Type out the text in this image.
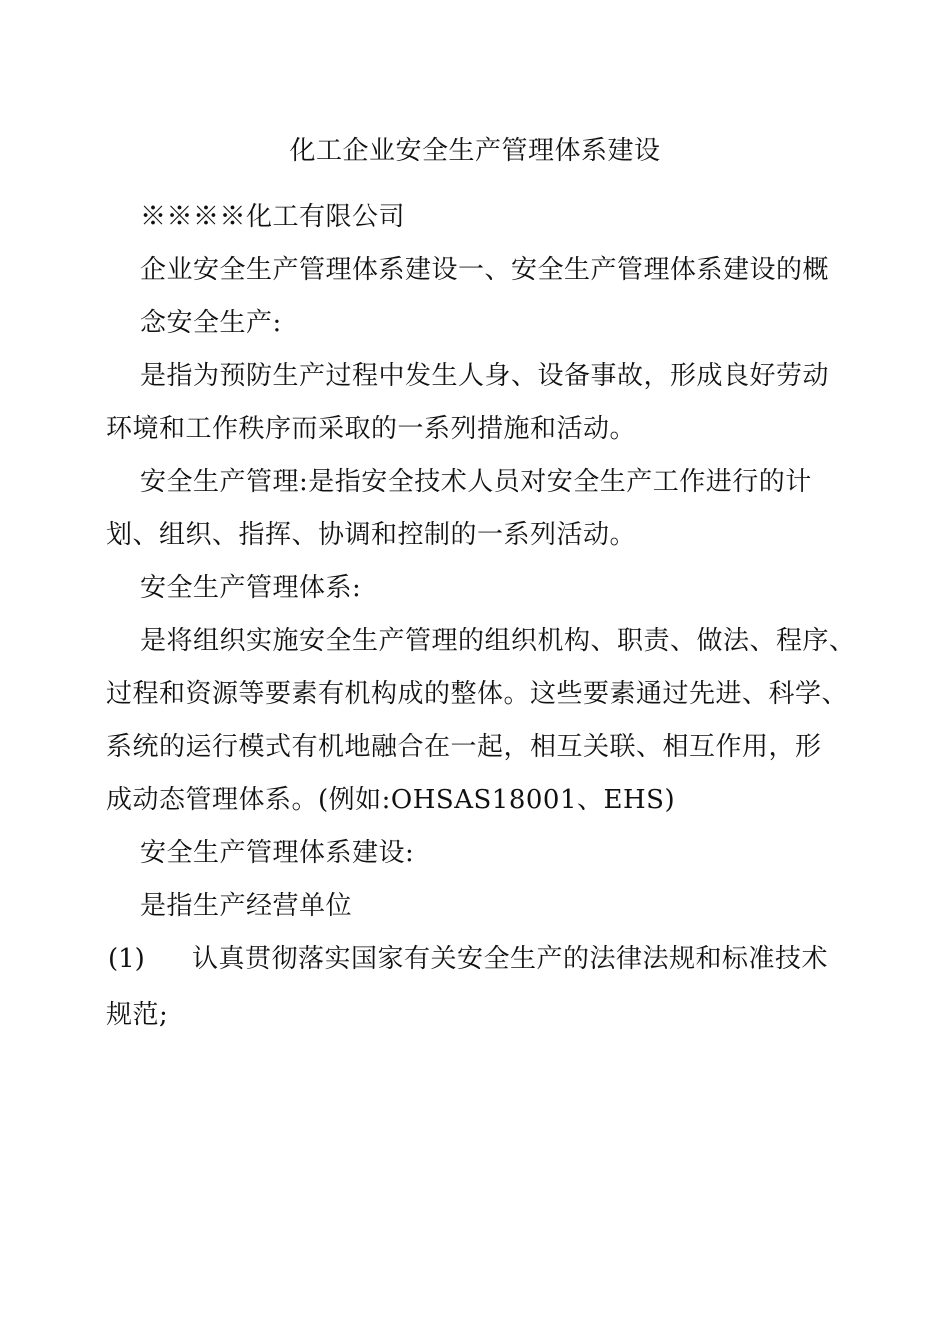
化工企业安全生产管理体系建设
※※※※化工有限公司
企业安全生产管理体系建设一、安全生产管理体系建设的概
念安全生产:
是指为预防生产过程中发生人身、设备事故，形成良好劳动
环境和工作秩序而采取的一系列措施和活动。
安全生产管理:是指安全技术人员对安全生产工作进行的计
划、组织、指挥、协调和控制的一系列活动。
安全生产管理体系:
是将组织实施安全生产管理的组织机构、职责、做法、程序、
过程和资源等要素有机构成的整体。这些要素通过先进、科学、
系统的运行模式有机地融合在一起，相互关联、相互作用，形
成动态管理体系。(例如:OHSAS18001、EHS)
安全生产管理体系建设:
是指生产经营单位
(1) 认真贯彻落实国家有关安全生产的法律法规和标准技术
规范;
